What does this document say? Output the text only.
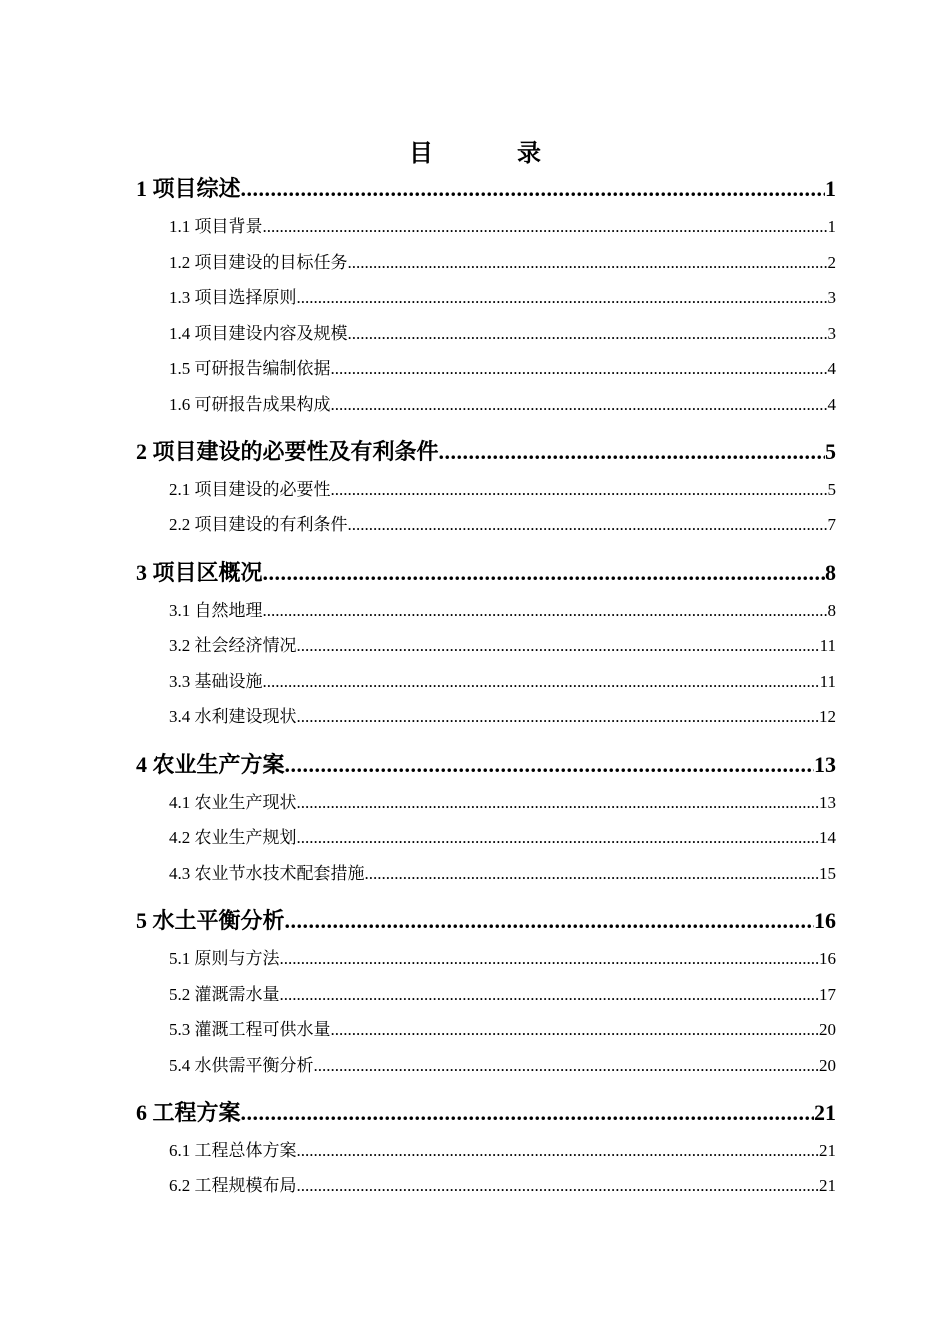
目　录
1 项目综述 .....	1
1.1 项目背景 .....	1
1.2 项目建设的目标任务 .....	2
1.3 项目选择原则 .....	3
1.4 项目建设内容及规模 .....	3
1.5 可研报告编制依据 .....	4
1.6 可研报告成果构成 .....	4
2 项目建设的必要性及有利条件 .....	5
2.1 项目建设的必要性 .....	5
2.2 项目建设的有利条件 .....	7
3 项目区概况 .....	8
3.1 自然地理 .....	8
3.2 社会经济情况 .....	11
3.3 基础设施 .....	11
3.4 水利建设现状 .....	12
4 农业生产方案 .....	13
4.1 农业生产现状 .....	13
4.2 农业生产规划 .....	14
4.3 农业节水技术配套措施 .....	15
5 水土平衡分析 .....	16
5.1 原则与方法 .....	16
5.2 灌溉需水量 .....	17
5.3 灌溉工程可供水量 .....	20
5.4 水供需平衡分析 .....	20
6 工程方案 .....	21
6.1 工程总体方案 .....	21
6.2 工程规模布局 .....	21
